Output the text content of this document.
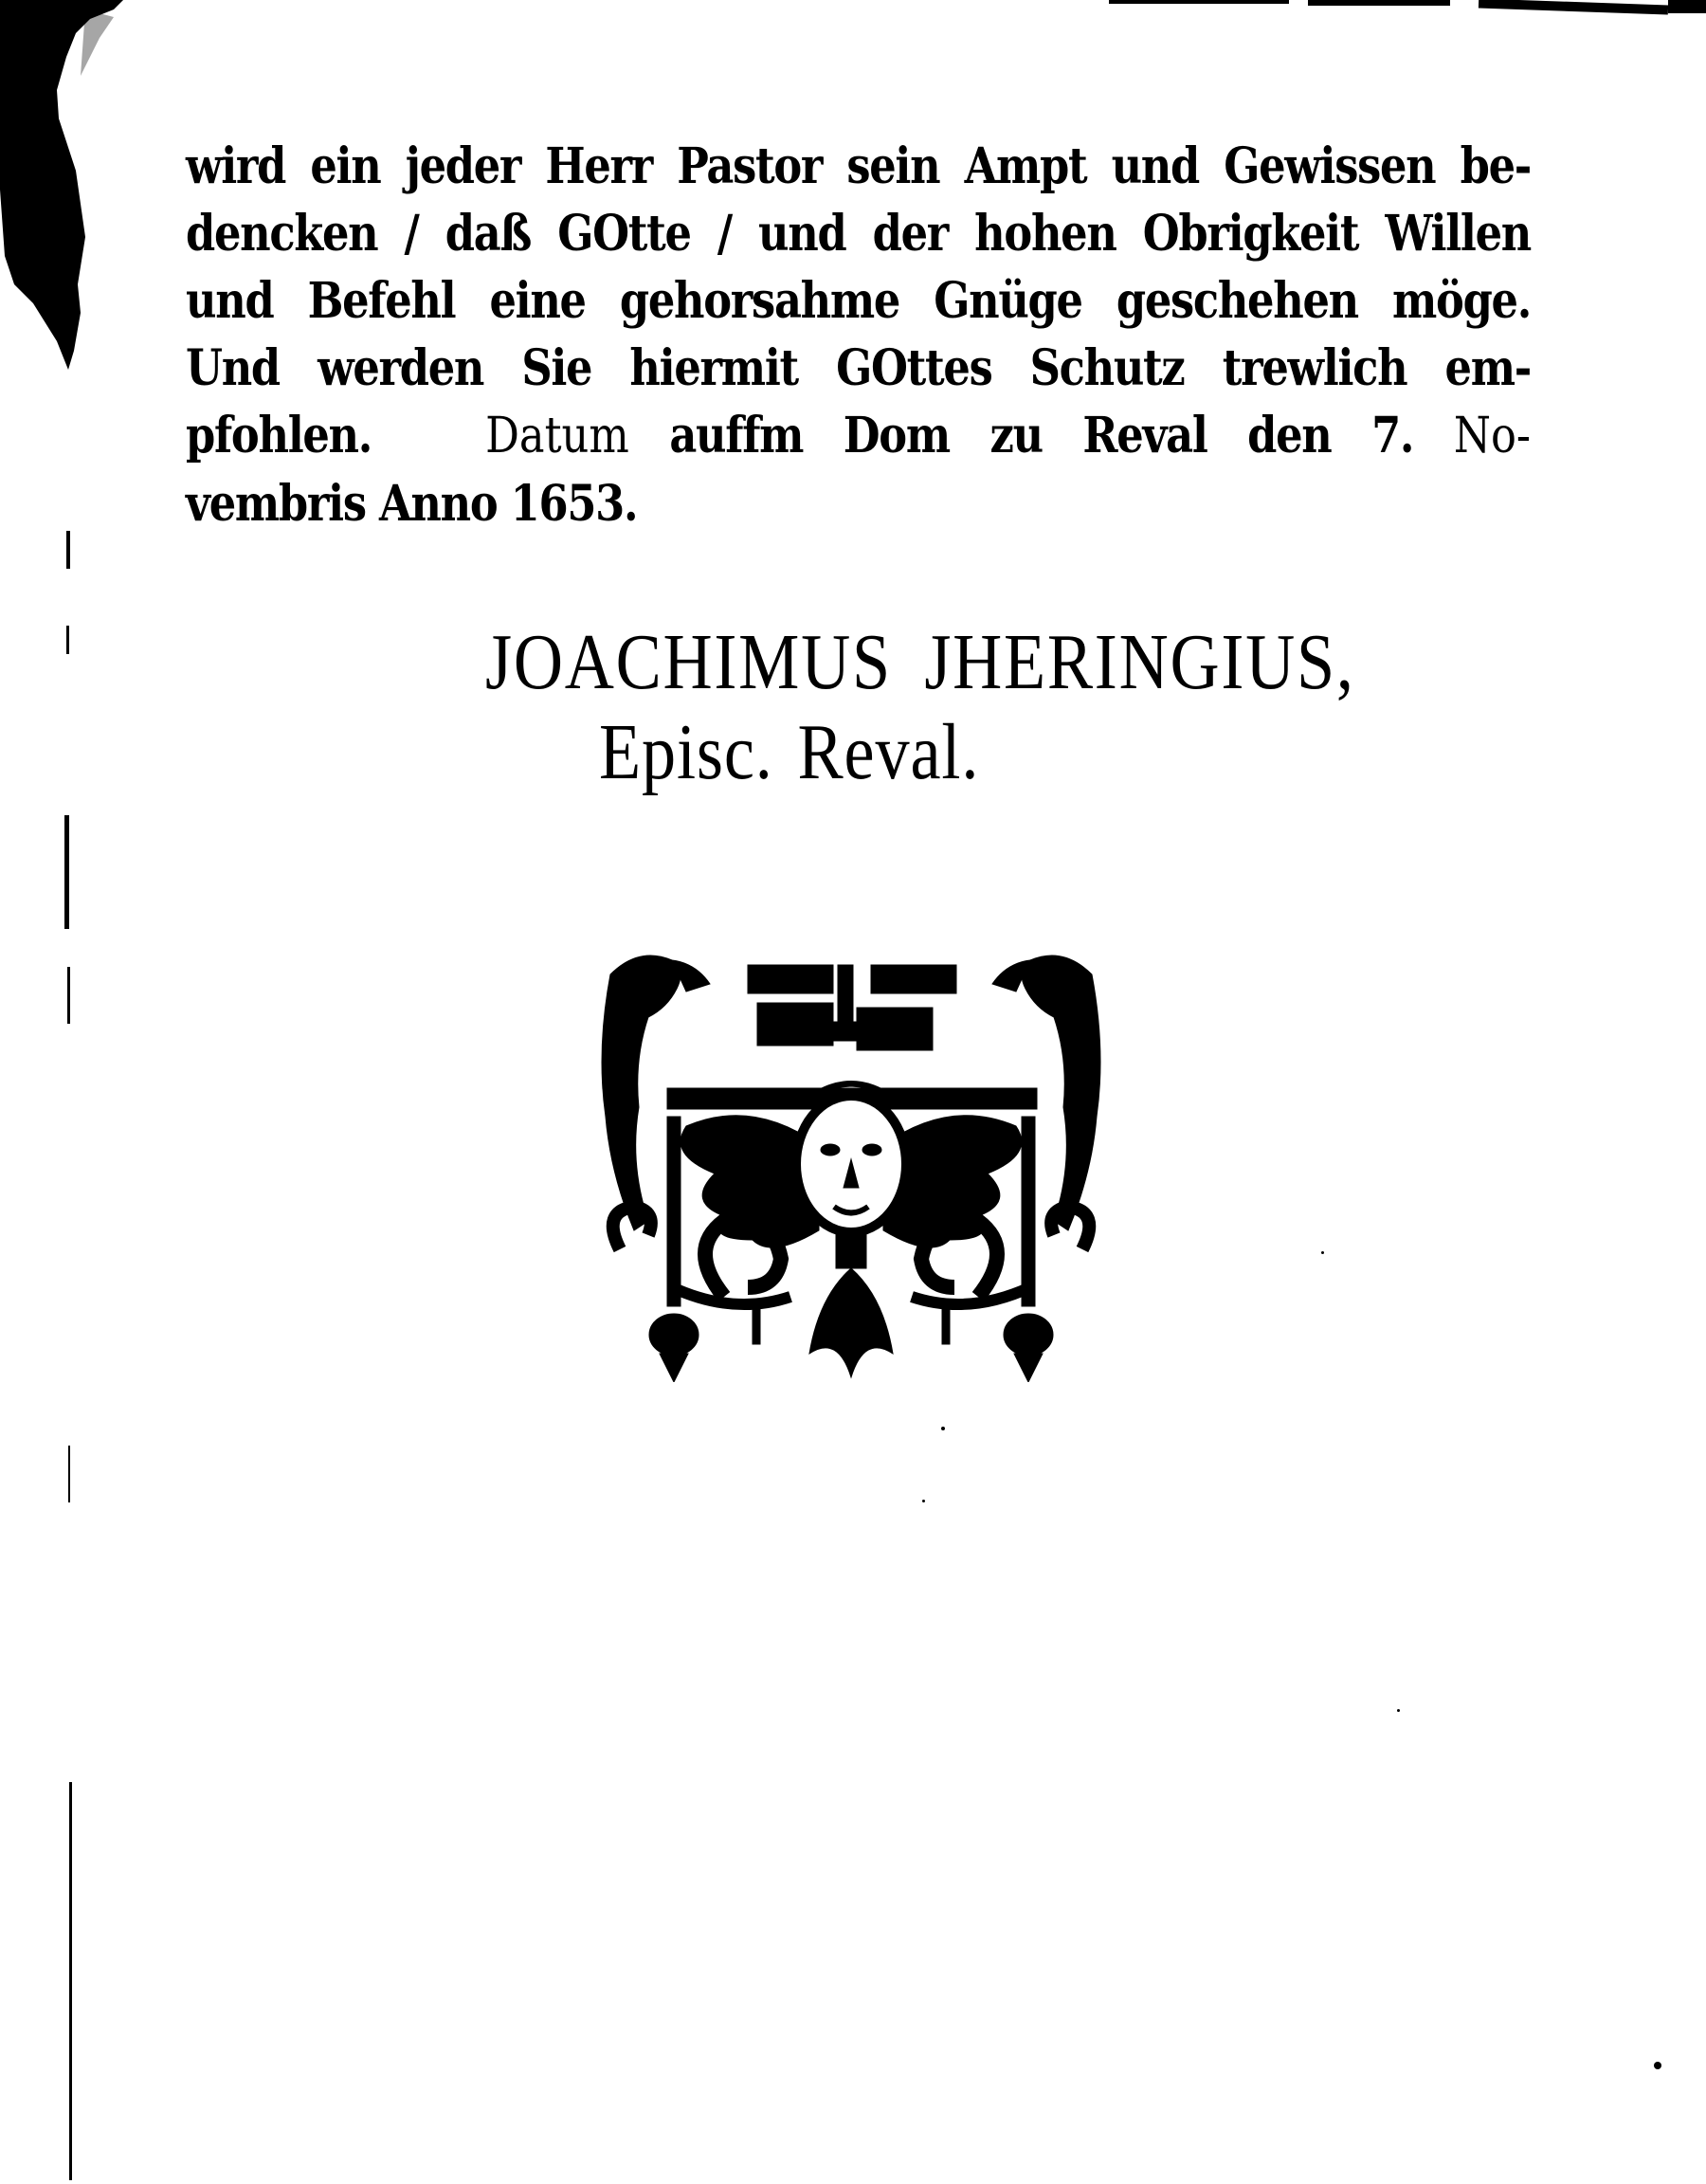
wird ein jeder Herr Pastor sein Ampt und Gewissen be-
dencken / daß GOtte / und der hohen Obrigkeit Willen
und Befehl eine gehorsahme Gnüge geschehen möge.
Und werden Sie hiermit GOttes Schutz trewlich em-
pfohlen. Datum auffm Dom zu Reval den 7. No-
vembris Anno 1653.
JOACHIMUS JHERINGIUS,
Episc. Reval.
